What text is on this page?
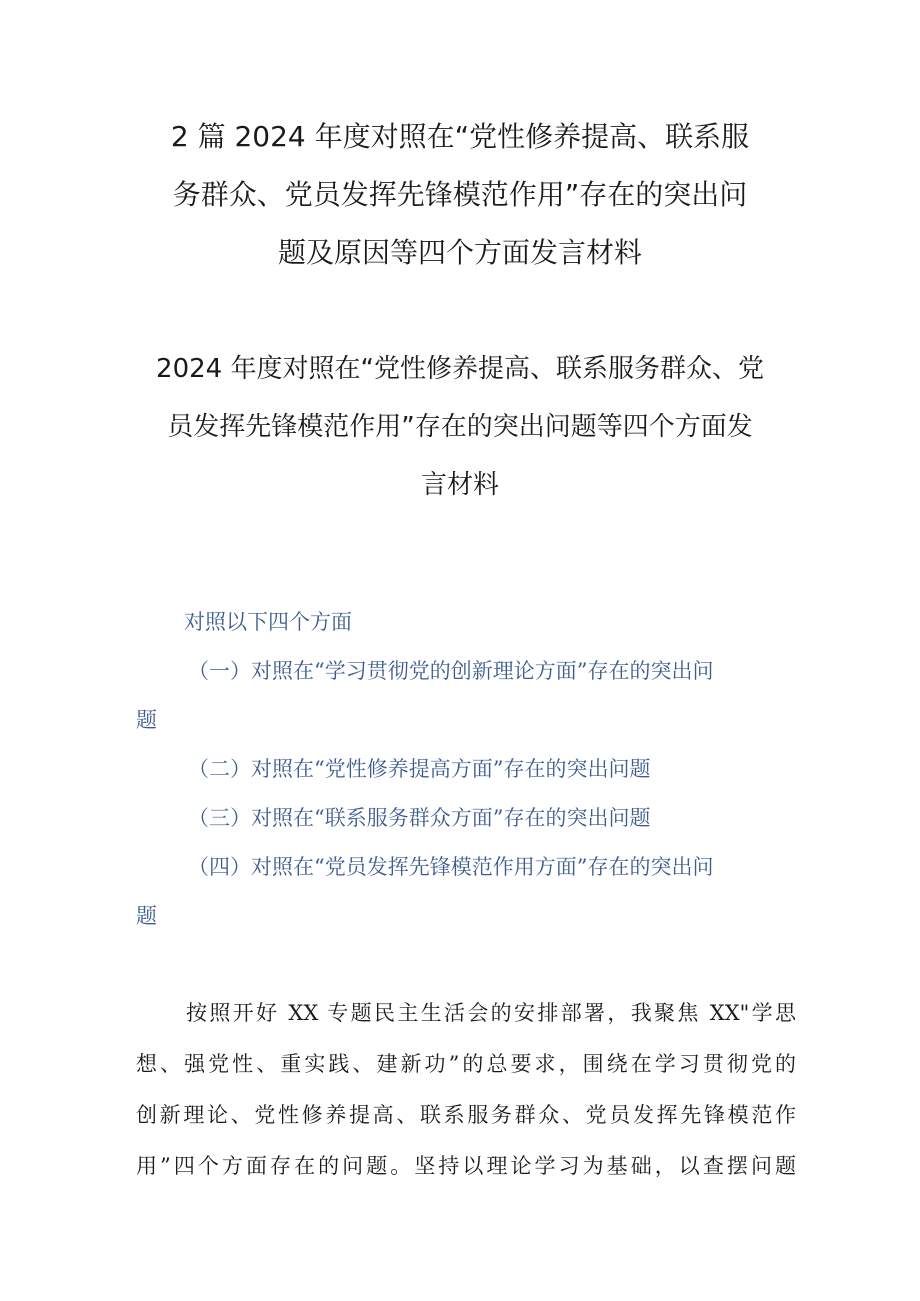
2 篇 2024 年度对照在“党性修养提高、联系服
务群众、党员发挥先锋模范作用”存在的突出问
题及原因等四个方面发言材料
2024 年度对照在“党性修养提高、联系服务群众、党
员发挥先锋模范作用”存在的突出问题等四个方面发
言材料
对照以下四个方面
（一）对照在“学习贯彻党的创新理论方面”存在的突出问
题
（二）对照在“党性修养提高方面”存在的突出问题
（三）对照在“联系服务群众方面”存在的突出问题
（四）对照在“党员发挥先锋模范作用方面”存在的突出问
题
按照开好 XX 专题民主生活会的安排部署，我聚焦 XX"学思
想、强党性、重实践、建新功”的总要求，围绕在学习贯彻党的
创新理论、党性修养提高、联系服务群众、党员发挥先锋模范作
用”四个方面存在的问题。坚持以理论学习为基础，以查摆问题
